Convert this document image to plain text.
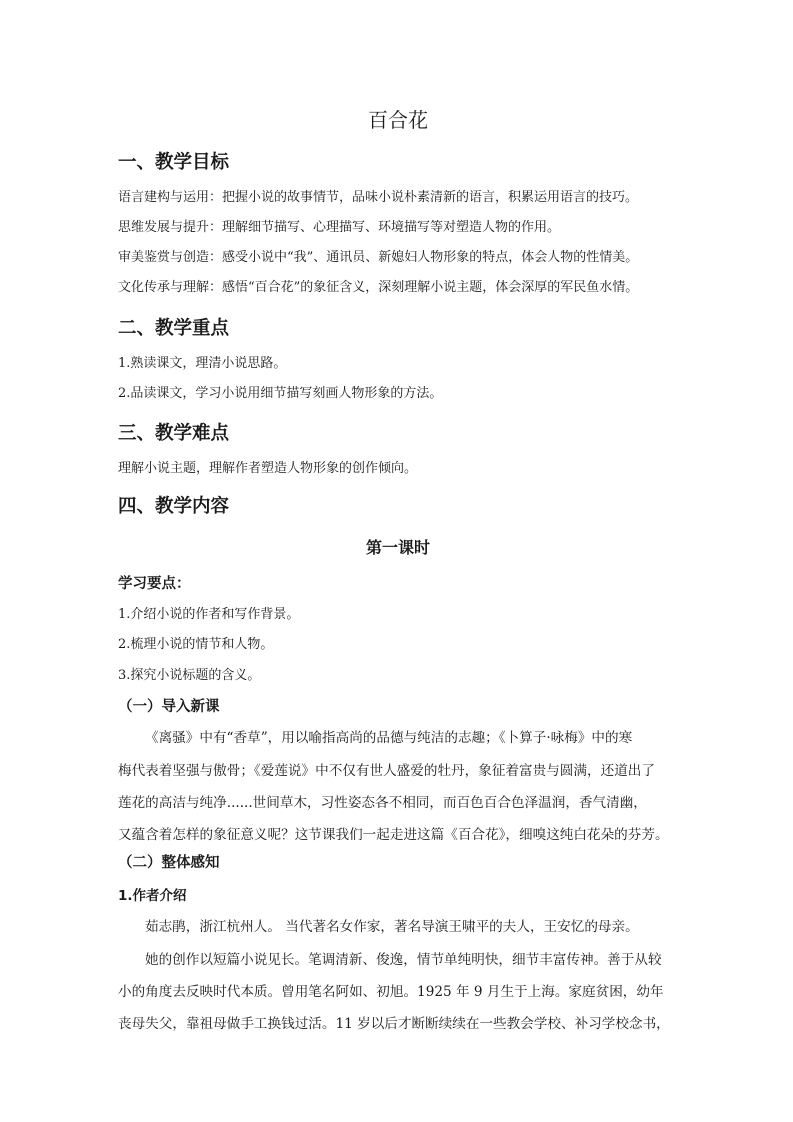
百合花
一、教学目标
语言建构与运用：把握小说的故事情节，品味小说朴素清新的语言，积累运用语言的技巧。
思维发展与提升：理解细节描写、心理描写、环境描写等对塑造人物的作用。
审美鉴赏与创造：感受小说中“我”、通讯员、新媳妇人物形象的特点，体会人物的性情美。
文化传承与理解：感悟“百合花”的象征含义，深刻理解小说主题，体会深厚的军民鱼水情。
二、教学重点
1.熟读课文，理清小说思路。
2.品读课文，学习小说用细节描写刻画人物形象的方法。
三、教学难点
理解小说主题，理解作者塑造人物形象的创作倾向。
四、教学内容
第一课时
学习要点：
1.介绍小说的作者和写作背景。
2.梳理小说的情节和人物。
3.探究小说标题的含义。
（一）导入新课
《离骚》中有“香草”，用以喻指高尚的品德与纯洁的志趣；《卜算子·咏梅》中的寒
梅代表着坚强与傲骨；《爱莲说》中不仅有世人盛爱的牡丹，象征着富贵与圆满，还道出了
莲花的高洁与纯净......世间草木，习性姿态各不相同，而百色百合色泽温润，香气清幽，
又蕴含着怎样的象征意义呢？这节课我们一起走进这篇《百合花》，细嗅这纯白花朵的芬芳。
（二）整体感知
1.作者介绍
茹志鹃，浙江杭州人。 当代著名女作家，著名导演王啸平的夫人，王安忆的母亲。
她的创作以短篇小说见长。笔调清新、俊逸，情节单纯明快，细节丰富传神。善于从较
小的角度去反映时代本质。曾用笔名阿如、初旭。1925 年 9 月生于上海。家庭贫困，幼年
丧母失父，靠祖母做手工换钱过活。11 岁以后才断断续续在一些教会学校、补习学校念书，
